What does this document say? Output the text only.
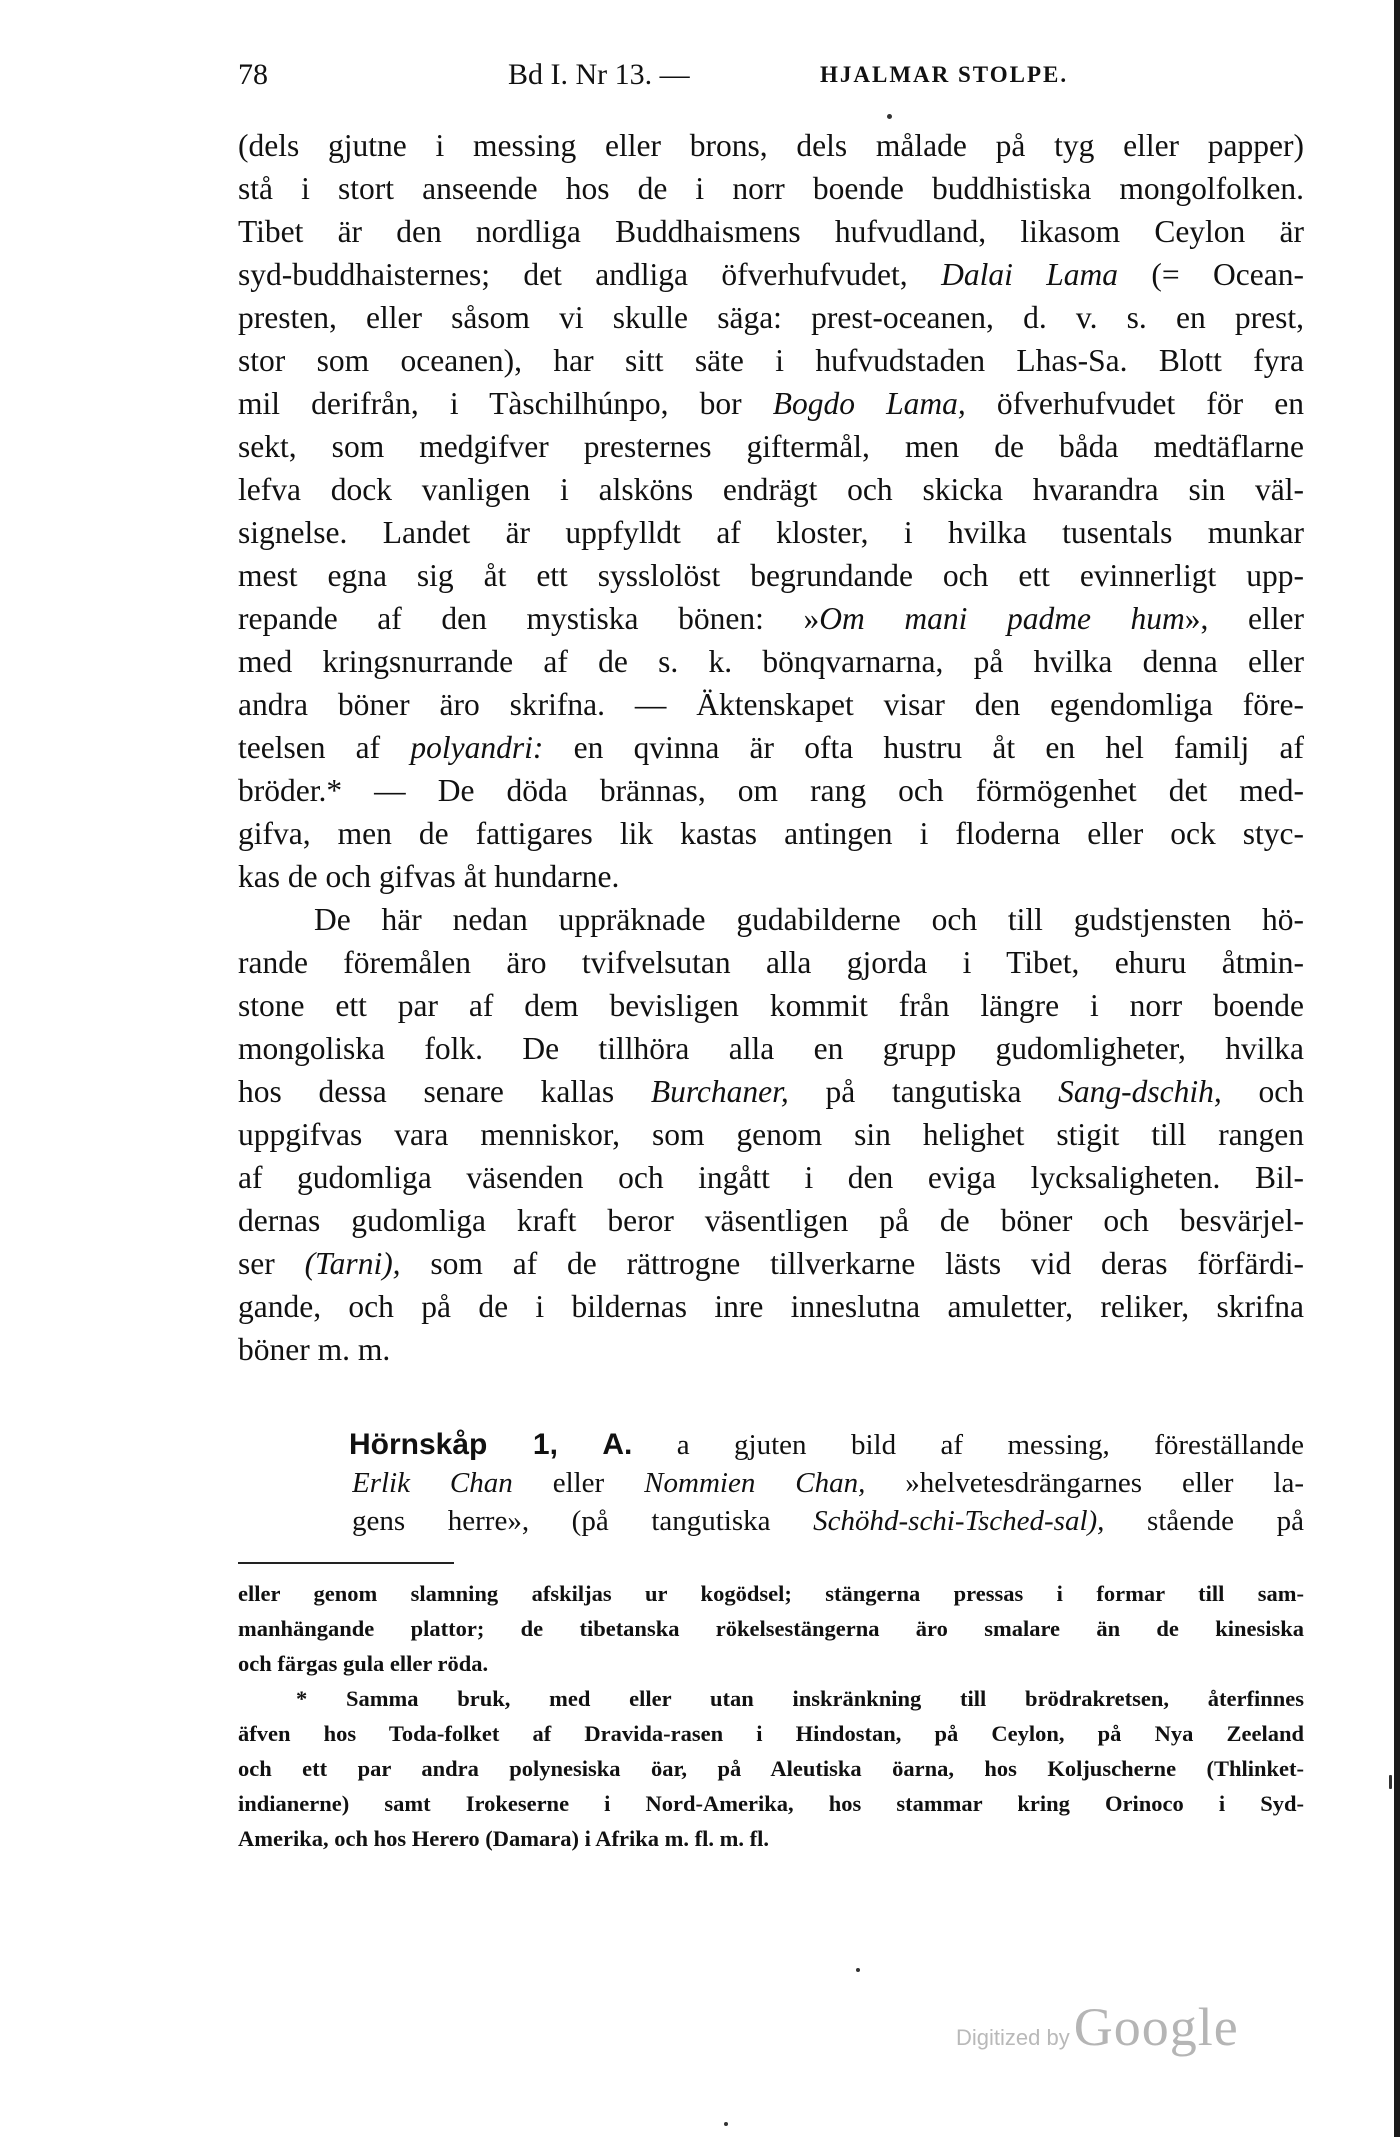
78	Bd I. Nr 13. —	HJALMAR STOLPE.
(dels gjutne i messing eller brons, dels målade på tyg eller papper)
stå i stort anseende hos de i norr boende buddhistiska mongolfolken.
Tibet är den nordliga Buddhaismens hufvudland, likasom Ceylon är
syd-buddhaisternes; det andliga öfverhufvudet, Dalai Lama (= Ocean-
presten, eller såsom vi skulle säga: prest-oceanen, d. v. s. en prest,
stor som oceanen), har sitt säte i hufvudstaden Lhas-Sa. Blott fyra
mil derifrån, i Tàschilhúnpo, bor Bogdo Lama, öfverhufvudet för en
sekt, som medgifver presternes giftermål, men de båda medtäflarne
lefva dock vanligen i alsköns endrägt och skicka hvarandra sin väl-
signelse. Landet är uppfylldt af kloster, i hvilka tusentals munkar
mest egna sig åt ett sysslolöst begrundande och ett evinnerligt upp-
repande af den mystiska bönen: »Om mani padme hum», eller
med kringsnurrande af de s. k. bönqvarnarna, på hvilka denna eller
andra böner äro skrifna. — Äktenskapet visar den egendomliga före-
teelsen af polyandri: en qvinna är ofta hustru åt en hel familj af
bröder.* — De döda brännas, om rang och förmögenhet det med-
gifva, men de fattigares lik kastas antingen i floderna eller ock styc-
kas de och gifvas åt hundarne.
De här nedan uppräknade gudabilderne och till gudstjensten hö-
rande föremålen äro tvifvelsutan alla gjorda i Tibet, ehuru åtmin-
stone ett par af dem bevisligen kommit från längre i norr boende
mongoliska folk. De tillhöra alla en grupp gudomligheter, hvilka
hos dessa senare kallas Burchaner, på tangutiska Sang-dschih, och
uppgifvas vara menniskor, som genom sin helighet stigit till rangen
af gudomliga väsenden och ingått i den eviga lycksaligheten. Bil-
dernas gudomliga kraft beror väsentligen på de böner och besvärjel-
ser (Tarni), som af de rättrogne tillverkarne lästs vid deras förfärdi-
gande, och på de i bildernas inre inneslutna amuletter, reliker, skrifna
böner m. m.
Hörnskåp 1, A. a gjuten bild af messing, föreställande
Erlik Chan eller Nommien Chan, »helvetesdrängarnes eller la-
gens herre», (på tangutiska Schöhd-schi-Tsched-sal), stående på
eller genom slamning afskiljas ur kogödsel; stängerna pressas i formar till sam-
manhängande plattor; de tibetanska rökelsestängerna äro smalare än de kinesiska
och färgas gula eller röda.
* Samma bruk, med eller utan inskränkning till brödrakretsen, återfinnes
äfven hos Toda-folket af Dravida-rasen i Hindostan, på Ceylon, på Nya Zeeland
och ett par andra polynesiska öar, på Aleutiska öarna, hos Koljuscherne (Thlinket-
indianerne) samt Irokeserne i Nord-Amerika, hos stammar kring Orinoco i Syd-
Amerika, och hos Herero (Damara) i Afrika m. fl. m. fl.
Digitized by Google
